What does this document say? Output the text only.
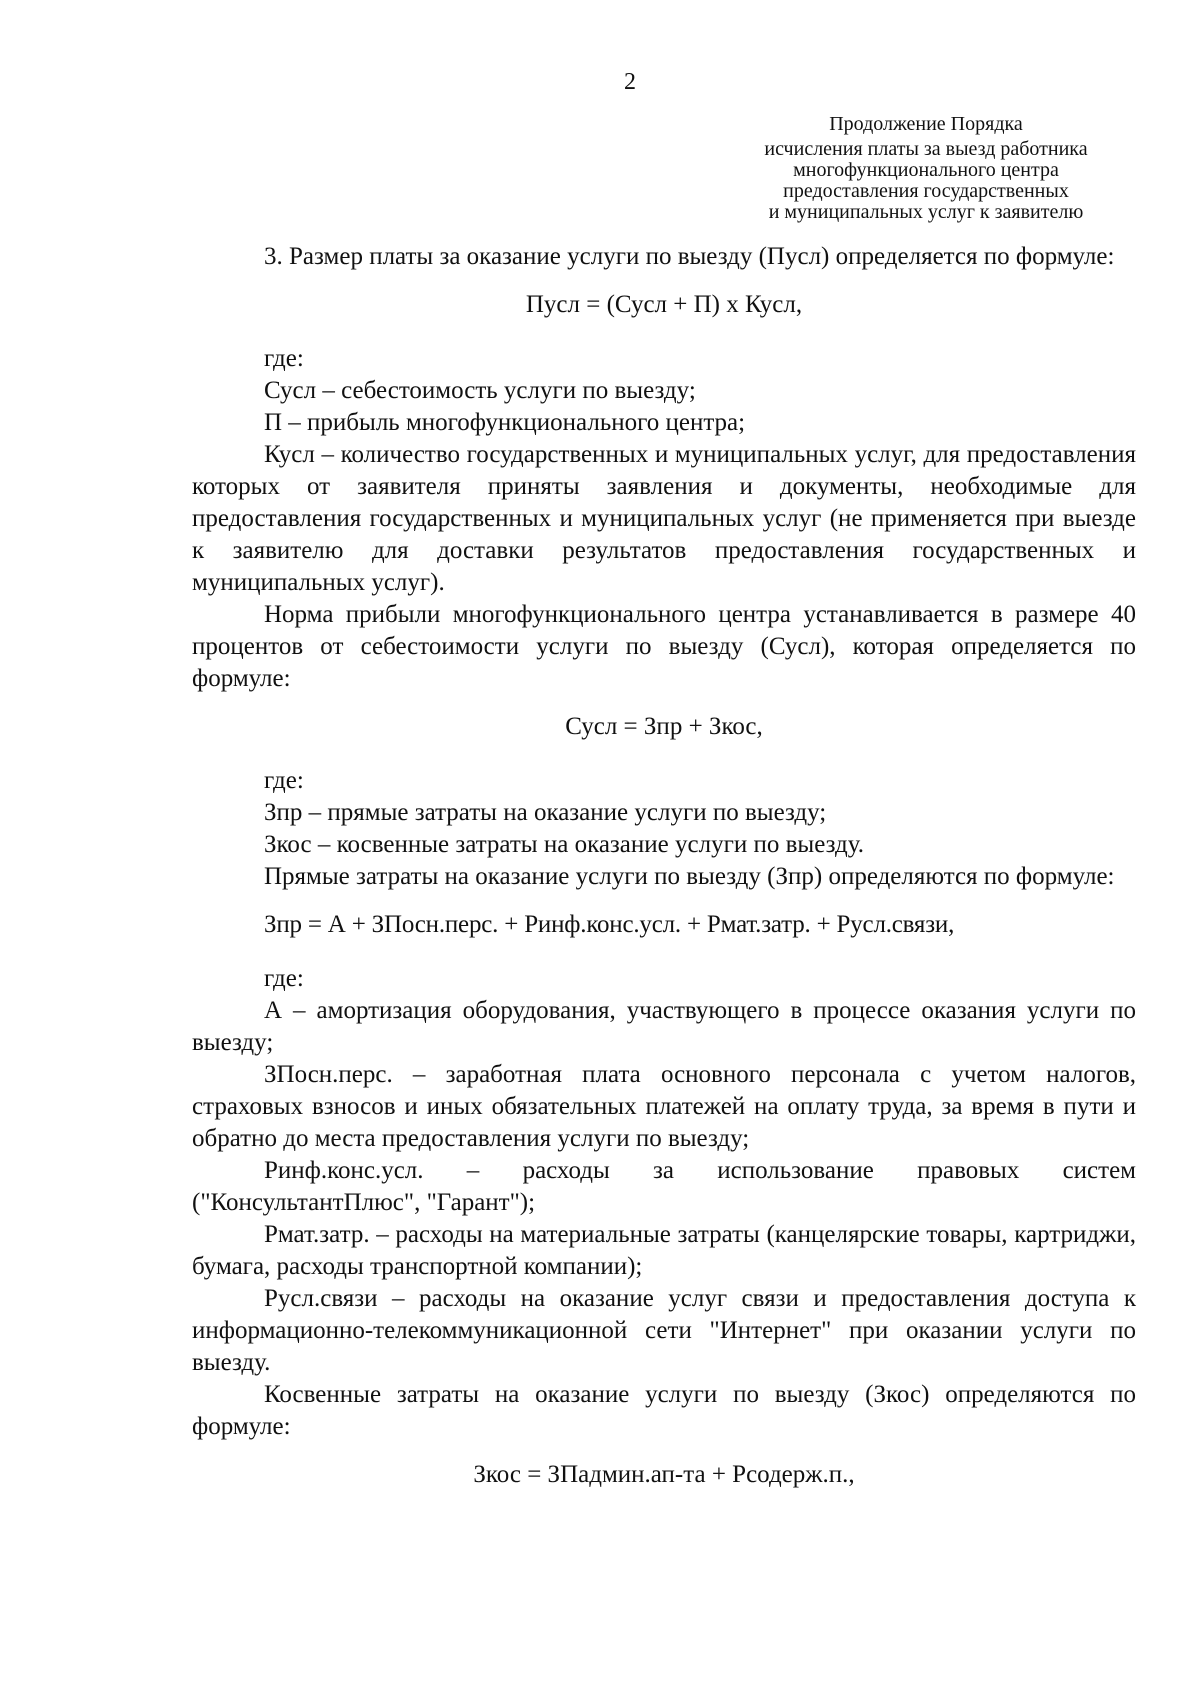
2
Продолжение Порядка
исчисления платы за выезд работника
многофункционального центра
предоставления государственных
и муниципальных услуг к заявителю

3. Размер платы за оказание услуги по выезду (Пусл) определяется по формуле:

Пусл = (Сусл + П) х Кусл,

где:

Сусл – себестоимость услуги по выезду;

П – прибыль многофункционального центра;

Кусл – количество государственных и муниципальных услуг, для предоставления которых от заявителя приняты заявления и документы, необходимые для предоставления государственных и муниципальных услуг (не применяется при выезде к заявителю для доставки результатов предоставления государственных и муниципальных услуг).

Норма прибыли многофункционального центра устанавливается в размере 40 процентов от себестоимости услуги по выезду (Сусл), которая определяется по формуле:

Сусл = Зпр + Зкос,

где:

Зпр – прямые затраты на оказание услуги по выезду;

Зкос – косвенные затраты на оказание услуги по выезду.

Прямые затраты на оказание услуги по выезду (Зпр) определяются по формуле:

Зпр = А + ЗПосн.перс. + Ринф.конс.усл. + Рмат.затр. + Русл.связи,

где:

А – амортизация оборудования, участвующего в процессе оказания услуги по выезду;

ЗПосн.перс. – заработная плата основного персонала с учетом налогов, страховых взносов и иных обязательных платежей на оплату труда, за время в пути и обратно до места предоставления услуги по выезду;

Ринф.конс.усл. – расходы за использование правовых систем ("КонсультантПлюс", "Гарант");

Рмат.затр. – расходы на материальные затраты (канцелярские товары, картриджи, бумага, расходы транспортной компании);

Русл.связи – расходы на оказание услуг связи и предоставления доступа к информационно-телекоммуникационной сети "Интернет" при оказании услуги по выезду.

Косвенные затраты на оказание услуги по выезду (Зкос) определяются по формуле:

Зкос = ЗПадмин.ап-та + Рсодерж.п.,
